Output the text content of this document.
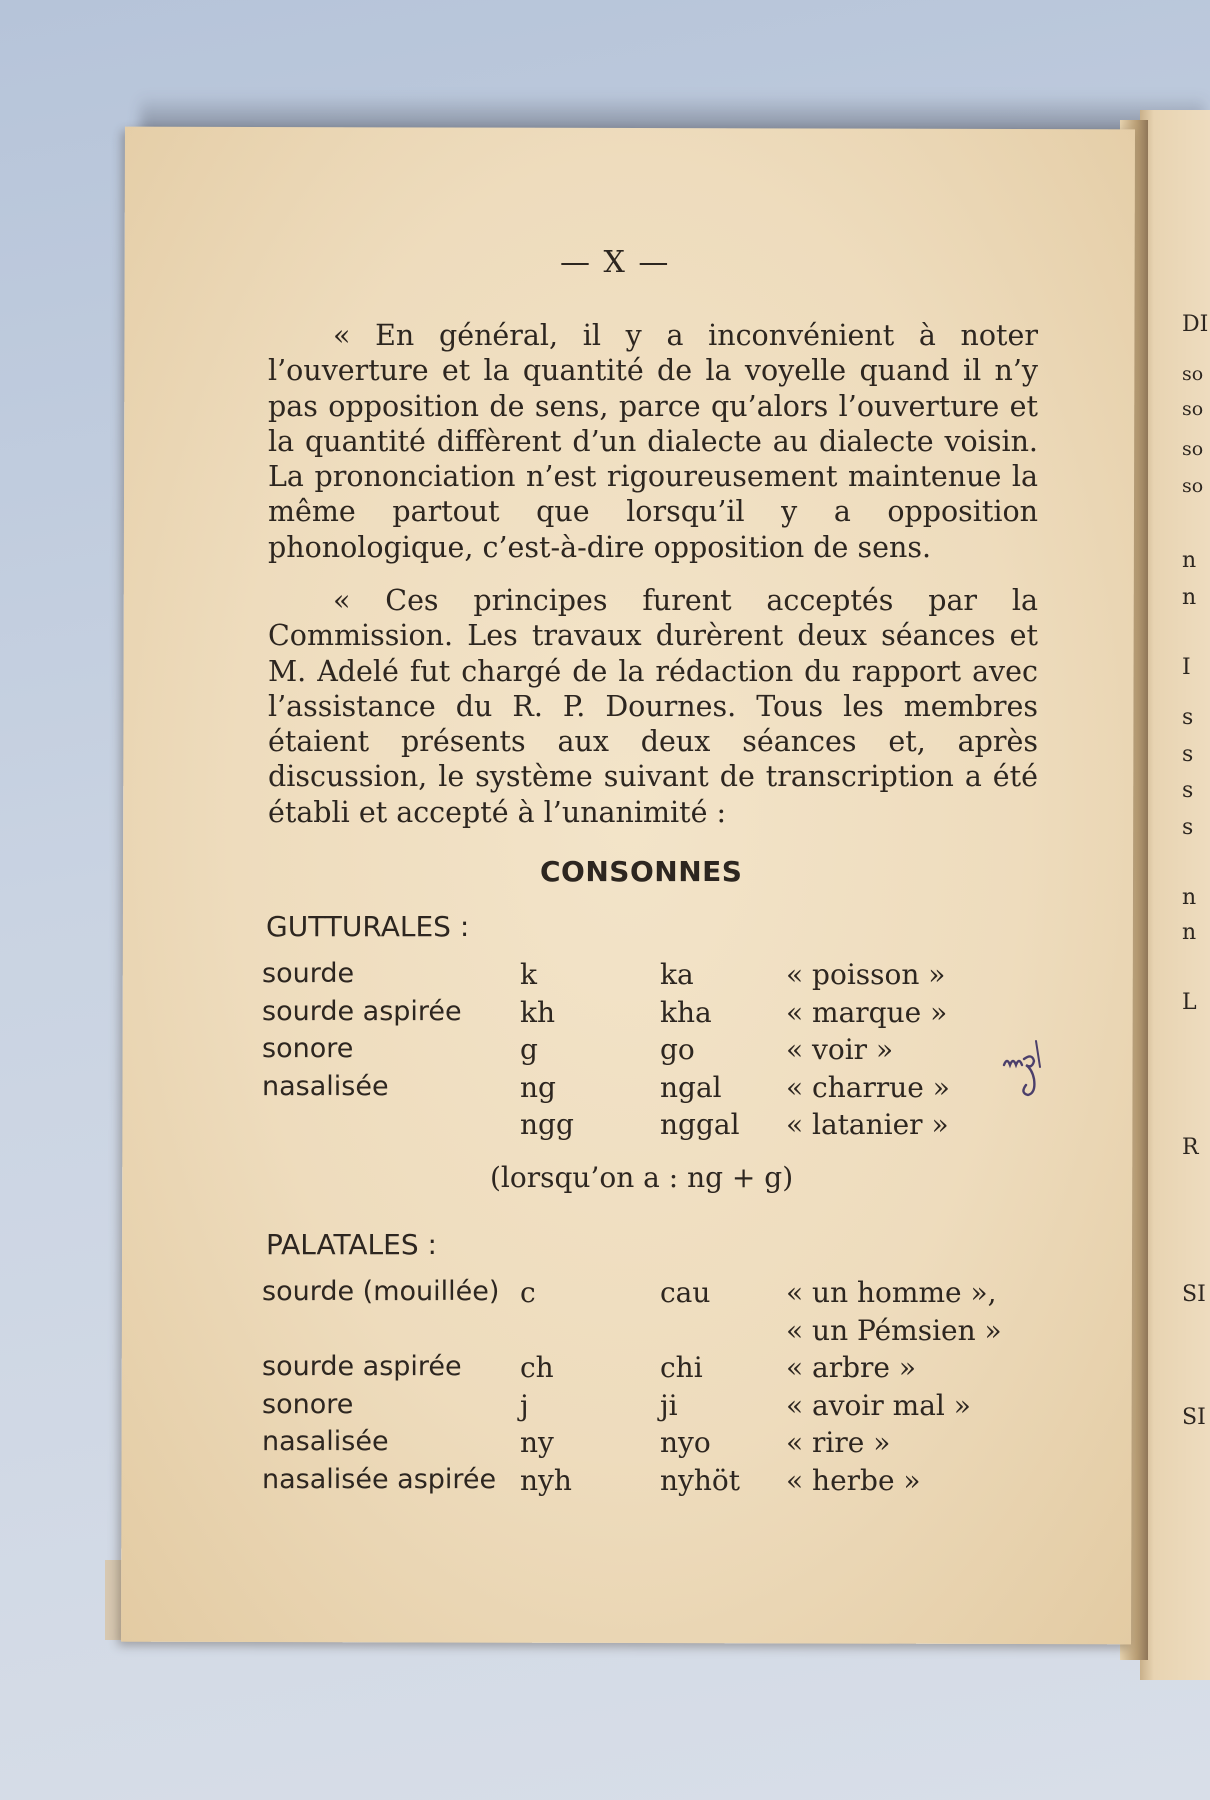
DI
so
so
so
so
n
n
I
s
s
s
s
n
n
L
R
SI
SI
— X —

« En général, il y a inconvénient à noter l’ouverture et la quantité de la voyelle quand il n’y pas opposition de sens, parce qu’alors l’ouverture et la quantité diffèrent d’un dialecte au dialecte voisin. La prononciation n’est rigoureusement maintenue la même partout que lorsqu’il y a opposition phonologique, c’est-à-dire opposition de sens.

« Ces principes furent acceptés par la Commission. Les travaux durèrent deux séances et M. Adelé fut chargé de la rédaction du rapport avec l’assistance du R. P. Dournes. Tous les membres étaient présents aux deux séances et, après discussion, le système suivant de transcription a été établi et accepté à l’unanimité :

CONSONNES
GUTTURALES :
sourde	k	ka	« poisson »
sourde aspirée	kh	kha	« marque »
sonore	g	go	« voir »
nasalisée	ng	ngal	« charrue »
	ngg	nggal	« latanier »
(lorsqu’on a : ng + g)
PALATALES :
sourde (mouillée)	c	cau	« un homme »,
			« un Pémsien »
sourde aspirée	ch	chi	« arbre »
sonore	j	ji	« avoir mal »
nasalisée	ny	nyo	« rire »
nasalisée aspirée	nyh	nyhöt	« herbe »
